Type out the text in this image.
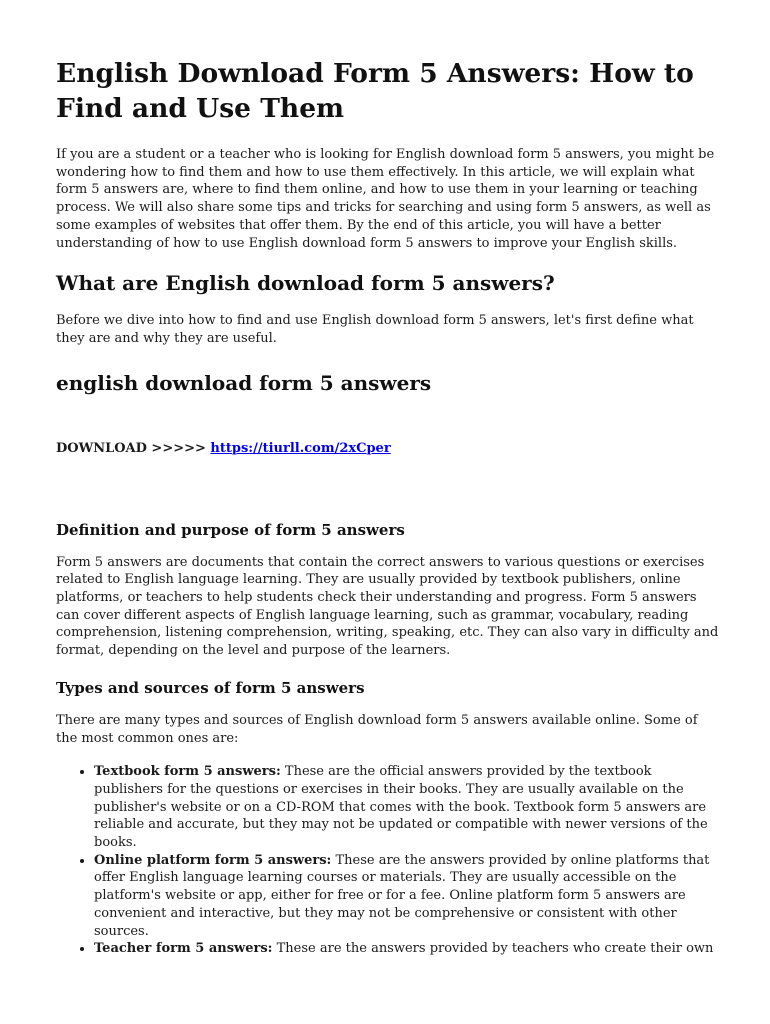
English Download Form 5 Answers: How to Find and Use Them

If you are a student or a teacher who is looking for English download form 5 answers, you might be wondering how to find them and how to use them effectively. In this article, we will explain what form 5 answers are, where to find them online, and how to use them in your learning or teaching process. We will also share some tips and tricks for searching and using form 5 answers, as well as some examples of websites that offer them. By the end of this article, you will have a better understanding of how to use English download form 5 answers to improve your English skills.

What are English download form 5 answers?

Before we dive into how to find and use English download form 5 answers, let's first define what they are and why they are useful.

english download form 5 answers

DOWNLOAD >>>>> https://tiurll.com/2xCper

Definition and purpose of form 5 answers

Form 5 answers are documents that contain the correct answers to various questions or exercises related to English language learning. They are usually provided by textbook publishers, online platforms, or teachers to help students check their understanding and progress. Form 5 answers can cover different aspects of English language learning, such as grammar, vocabulary, reading comprehension, listening comprehension, writing, speaking, etc. They can also vary in difficulty and format, depending on the level and purpose of the learners.

Types and sources of form 5 answers

There are many types and sources of English download form 5 answers available online. Some of the most common ones are:

• Textbook form 5 answers: These are the official answers provided by the textbook publishers for the questions or exercises in their books. They are usually available on the publisher's website or on a CD-ROM that comes with the book. Textbook form 5 answers are reliable and accurate, but they may not be updated or compatible with newer versions of the books.
• Online platform form 5 answers: These are the answers provided by online platforms that offer English language learning courses or materials. They are usually accessible on the platform's website or app, either for free or for a fee. Online platform form 5 answers are convenient and interactive, but they may not be comprehensive or consistent with other sources.
• Teacher form 5 answers: These are the answers provided by teachers who create their own
